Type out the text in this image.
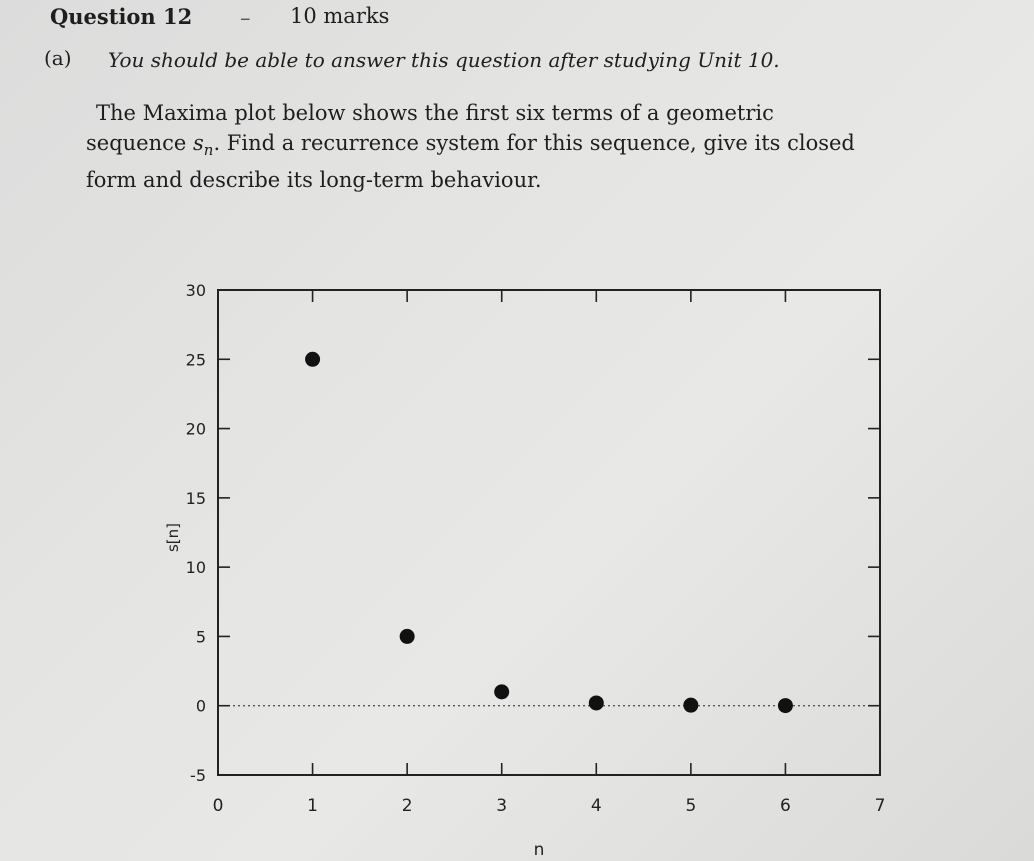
Question 12 –	10 marks
(a) You should be able to answer this question after studying Unit 10.
The Maxima plot below shows the first six terms of a geometric
sequence $s_n$. Find a recurrence system for this sequence, give its closed
form and describe its long-term behaviour.
-5
0
5
10
15
20
25
30
0	1	2	3	4	5	6	7
n
s[n]
